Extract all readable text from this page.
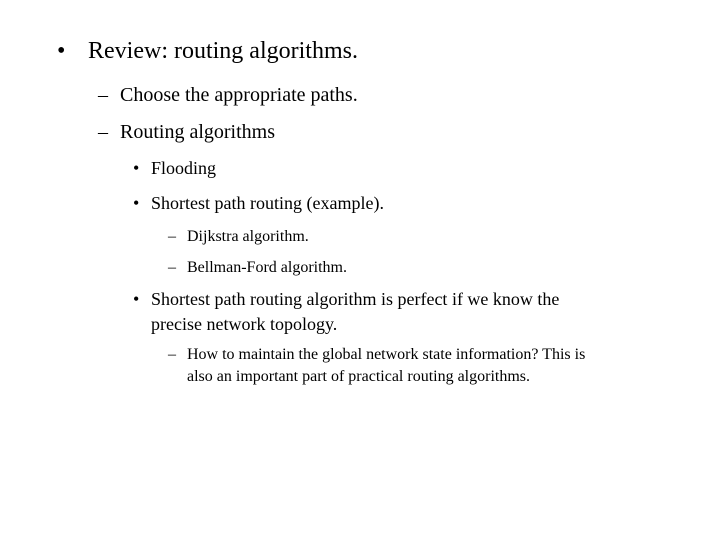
• Review: routing algorithms.
– Choose the appropriate paths.
– Routing algorithms
• Flooding
• Shortest path routing (example).
– Dijkstra algorithm.
– Bellman-Ford algorithm.
• Shortest path routing algorithm is perfect if we know the
precise network topology.
– How to maintain the global network state information? This is
also an important part of practical routing algorithms.
